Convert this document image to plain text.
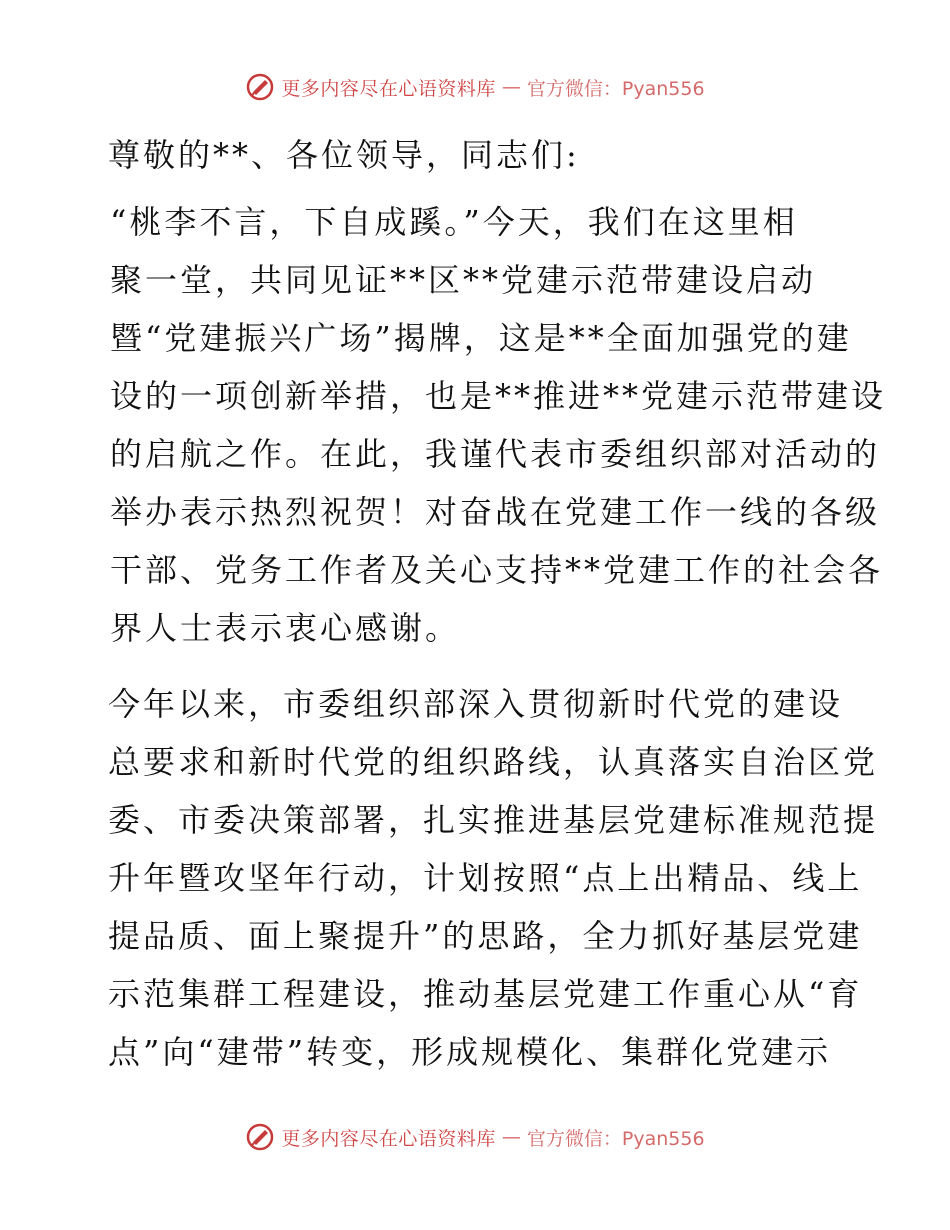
更多内容尽在心语资料库 — 官方微信：Pyan556
尊敬的**、各位领导，同志们:
“桃李不言，下自成蹊。”今天，我们在这里相
聚一堂，共同见证**区**党建示范带建设启动
暨“党建振兴广场”揭牌，这是**全面加强党的建
设的一项创新举措，也是**推进**党建示范带建设
的启航之作。在此，我谨代表市委组织部对活动的
举办表示热烈祝贺！对奋战在党建工作一线的各级
干部、党务工作者及关心支持**党建工作的社会各
界人士表示衷心感谢。
今年以来，市委组织部深入贯彻新时代党的建设
总要求和新时代党的组织路线，认真落实自治区党
委、市委决策部署，扎实推进基层党建标准规范提
升年暨攻坚年行动，计划按照“点上出精品、线上
提品质、面上聚提升”的思路，全力抓好基层党建
示范集群工程建设，推动基层党建工作重心从“育
点”向“建带”转变，形成规模化、集群化党建示
更多内容尽在心语资料库 — 官方微信：Pyan556
